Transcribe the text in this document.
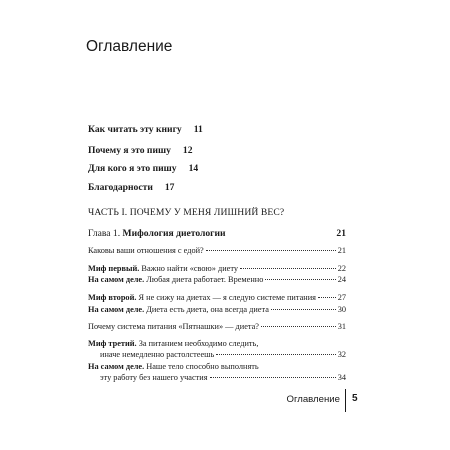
Оглавление
Как читать эту книгу 11
Почему я это пишу 12
Для кого я это пишу 14
Благодарности 17
ЧАСТЬ I. ПОЧЕМУ У МЕНЯ ЛИШНИЙ ВЕС?
Глава 1. Мифология диетологии	21
Каковы ваши отношения с едой?	21
Миф первый. Важно найти «свою» диету	22
На самом деле. Любая диета работает. Временно	24
Миф второй. Я не сижу на диетах — я следую системе питания	27
На самом деле. Диета есть диета, она всегда диета	30
Почему система питания «Пятнашки» — диета?	31
Миф третий. За питанием необходимо следить,
иначе немедленно растолстеешь	32
На самом деле. Наше тело способно выполнять
эту работу без нашего участия	34
Оглавление 5
